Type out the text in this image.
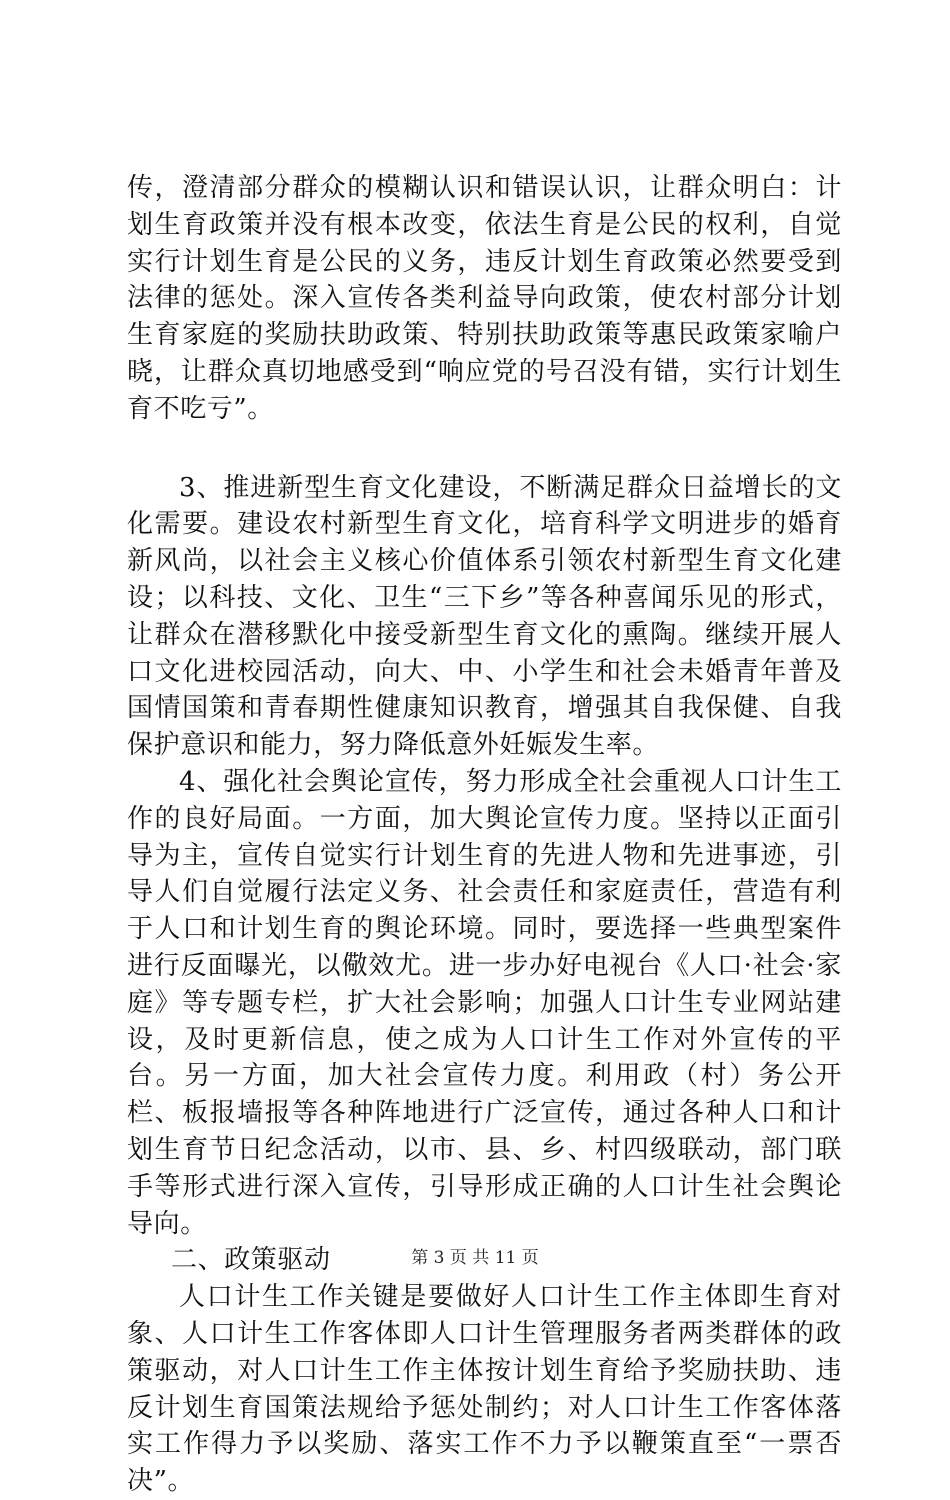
传，澄清部分群众的模糊认识和错误认识，让群众明白：计划生育政策并没有根本改变，依法生育是公民的权利，自觉实行计划生育是公民的义务，违反计划生育政策必然要受到法律的惩处。深入宣传各类利益导向政策，使农村部分计划生育家庭的奖励扶助政策、特别扶助政策等惠民政策家喻户晓，让群众真切地感受到“响应党的号召没有错，实行计划生育不吃亏”。

3、推进新型生育文化建设，不断满足群众日益增长的文化需要。建设农村新型生育文化，培育科学文明进步的婚育新风尚，以社会主义核心价值体系引领农村新型生育文化建设；以科技、文化、卫生“三下乡”等各种喜闻乐见的形式，让群众在潜移默化中接受新型生育文化的熏陶。继续开展人口文化进校园活动，向大、中、小学生和社会未婚青年普及国情国策和青春期性健康知识教育，增强其自我保健、自我保护意识和能力，努力降低意外妊娠发生率。

4、强化社会舆论宣传，努力形成全社会重视人口计生工作的良好局面。一方面，加大舆论宣传力度。坚持以正面引导为主，宣传自觉实行计划生育的先进人物和先进事迹，引导人们自觉履行法定义务、社会责任和家庭责任，营造有利于人口和计划生育的舆论环境。同时，要选择一些典型案件进行反面曝光，以儆效尤。进一步办好电视台《人口·社会·家庭》等专题专栏，扩大社会影响；加强人口计生专业网站建设，及时更新信息，使之成为人口计生工作对外宣传的平台。另一方面，加大社会宣传力度。利用政（村）务公开栏、板报墙报等各种阵地进行广泛宣传，通过各种人口和计划生育节日纪念活动，以市、县、乡、村四级联动，部门联手等形式进行深入宣传，引导形成正确的人口计生社会舆论导向。

二、政策驱动

人口计生工作关键是要做好人口计生工作主体即生育对象、人口计生工作客体即人口计生管理服务者两类群体的政策驱动，对人口计生工作主体按计划生育给予奖励扶助、违反计划生育国策法规给予惩处制约；对人口计生工作客体落实工作得力予以奖励、落实工作不力予以鞭策直至“一票否决”。

第 3 页 共 11 页
